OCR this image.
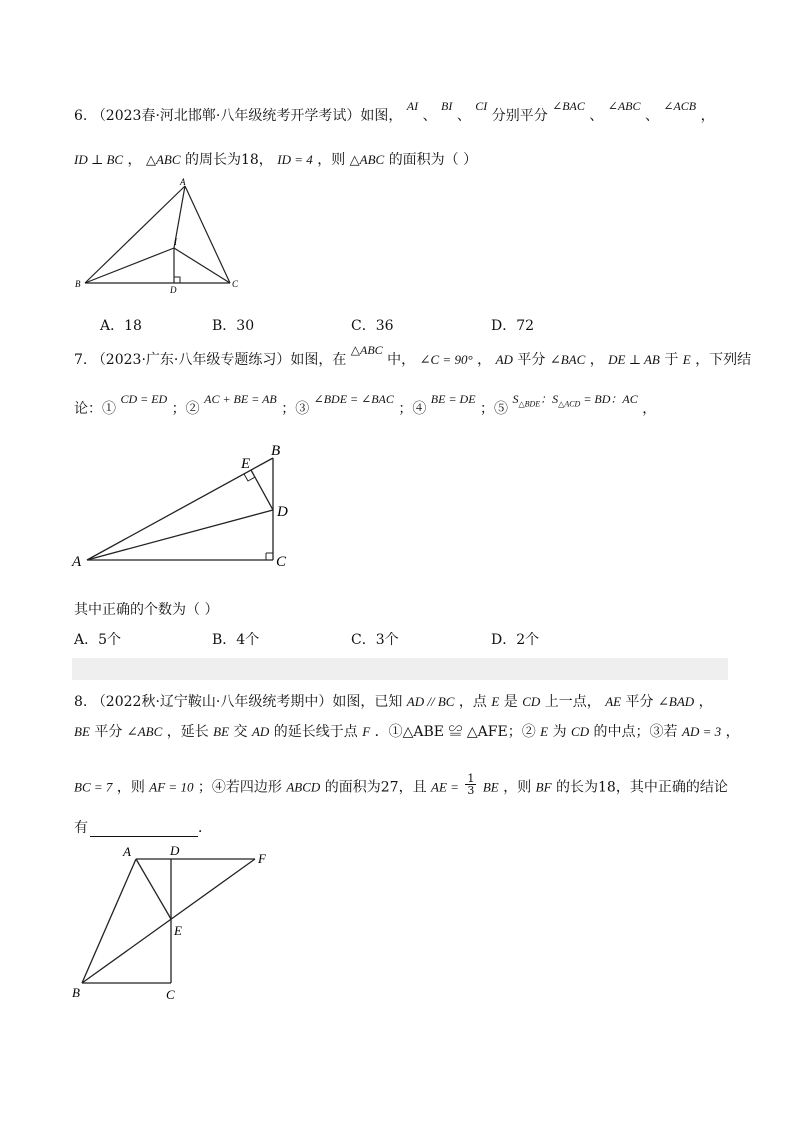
6. （2023春·河北邯郸·八年级统考开学考试）如图， AI 、 BI 、 CI 分别平分 ∠BAC 、 ∠ABC 、 ∠ACB ，
ID ⊥ BC ， △ABC 的周长为18， ID = 4 ，则 △ABC 的面积为（ ）
A
I
B
D
C
A．18	B．30	C．36	D．72
7. （2023·广东·八年级专题练习）如图，在 △ABC 中， ∠C = 90° ， AD 平分 ∠BAC ， DE ⊥ AB 于 E ，下列结
论：① CD = ED ；② AC + BE = AB ；③ ∠BDE = ∠BAC ；④ BE = DE ；⑤ $S_{\triangle BDE}$：$S_{\triangle ACD}$ = BD：AC ，
B
E
D
A	C
其中正确的个数为（ ）
A．5个	B．4个	C．3个	D．2个
8. （2022秋·辽宁鞍山·八年级统考期中）如图，已知 AD // BC ，点 E 是 CD 上一点， AE 平分 ∠BAD ，
BE 平分 ∠ABC ，延长 BE 交 AD 的延长线于点 F ．①△ABE ≌ △AFE；② E 为 CD 的中点；③若 AD = 3 ，
BC = 7 ，则 AF = 10 ；④若四边形 ABCD 的面积为27，且 AE = $\frac{1}{3}$ BE ，则 BF 的长为18，其中正确的结论
有	．
A	D
F
E
B	C
